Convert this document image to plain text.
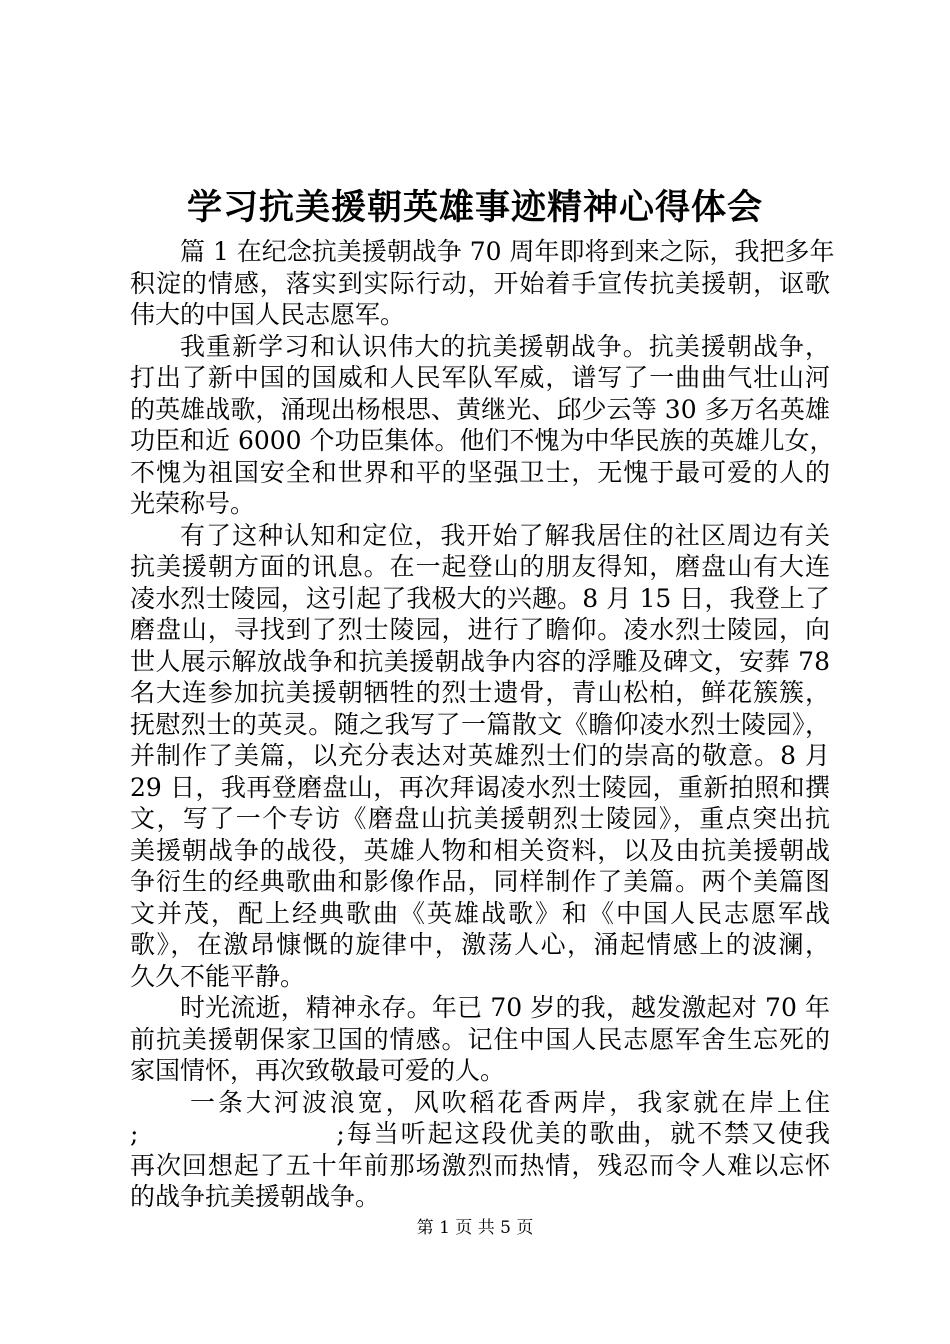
学习抗美援朝英雄事迹精神心得体会
篇 1 在纪念抗美援朝战争 70 周年即将到来之际，我把多年
积淀的情感，落实到实际行动，开始着手宣传抗美援朝，讴歌
伟大的中国人民志愿军。
我重新学习和认识伟大的抗美援朝战争。抗美援朝战争，
打出了新中国的国威和人民军队军威，谱写了一曲曲气壮山河
的英雄战歌，涌现出杨根思、黄继光、邱少云等 30 多万名英雄
功臣和近 6000 个功臣集体。他们不愧为中华民族的英雄儿女，
不愧为祖国安全和世界和平的坚强卫士，无愧于最可爱的人的
光荣称号。
有了这种认知和定位，我开始了解我居住的社区周边有关
抗美援朝方面的讯息。在一起登山的朋友得知，磨盘山有大连
凌水烈士陵园，这引起了我极大的兴趣。8 月 15 日，我登上了
磨盘山，寻找到了烈士陵园，进行了瞻仰。凌水烈士陵园，向
世人展示解放战争和抗美援朝战争内容的浮雕及碑文，安葬 78
名大连参加抗美援朝牺牲的烈士遗骨，青山松柏，鲜花簇簇，
抚慰烈士的英灵。随之我写了一篇散文《瞻仰凌水烈士陵园》，
并制作了美篇，以充分表达对英雄烈士们的崇高的敬意。8 月
29 日，我再登磨盘山，再次拜谒凌水烈士陵园，重新拍照和撰
文，写了一个专访《磨盘山抗美援朝烈士陵园》，重点突出抗
美援朝战争的战役，英雄人物和相关资料，以及由抗美援朝战
争衍生的经典歌曲和影像作品，同样制作了美篇。两个美篇图
文并茂，配上经典歌曲《英雄战歌》和《中国人民志愿军战
歌》，在激昂慷慨的旋律中，激荡人心，涌起情感上的波澜，
久久不能平静。
时光流逝，精神永存。年已 70 岁的我，越发激起对 70 年
前抗美援朝保家卫国的情感。记住中国人民志愿军舍生忘死的
家国情怀，再次致敬最可爱的人。
一条大河波浪宽，风吹稻花香两岸，我家就在岸上住
;                    ;每当听起这段优美的歌曲，就不禁又使我
再次回想起了五十年前那场激烈而热情，残忍而令人难以忘怀
的战争抗美援朝战争。
第 1 页 共 5 页
